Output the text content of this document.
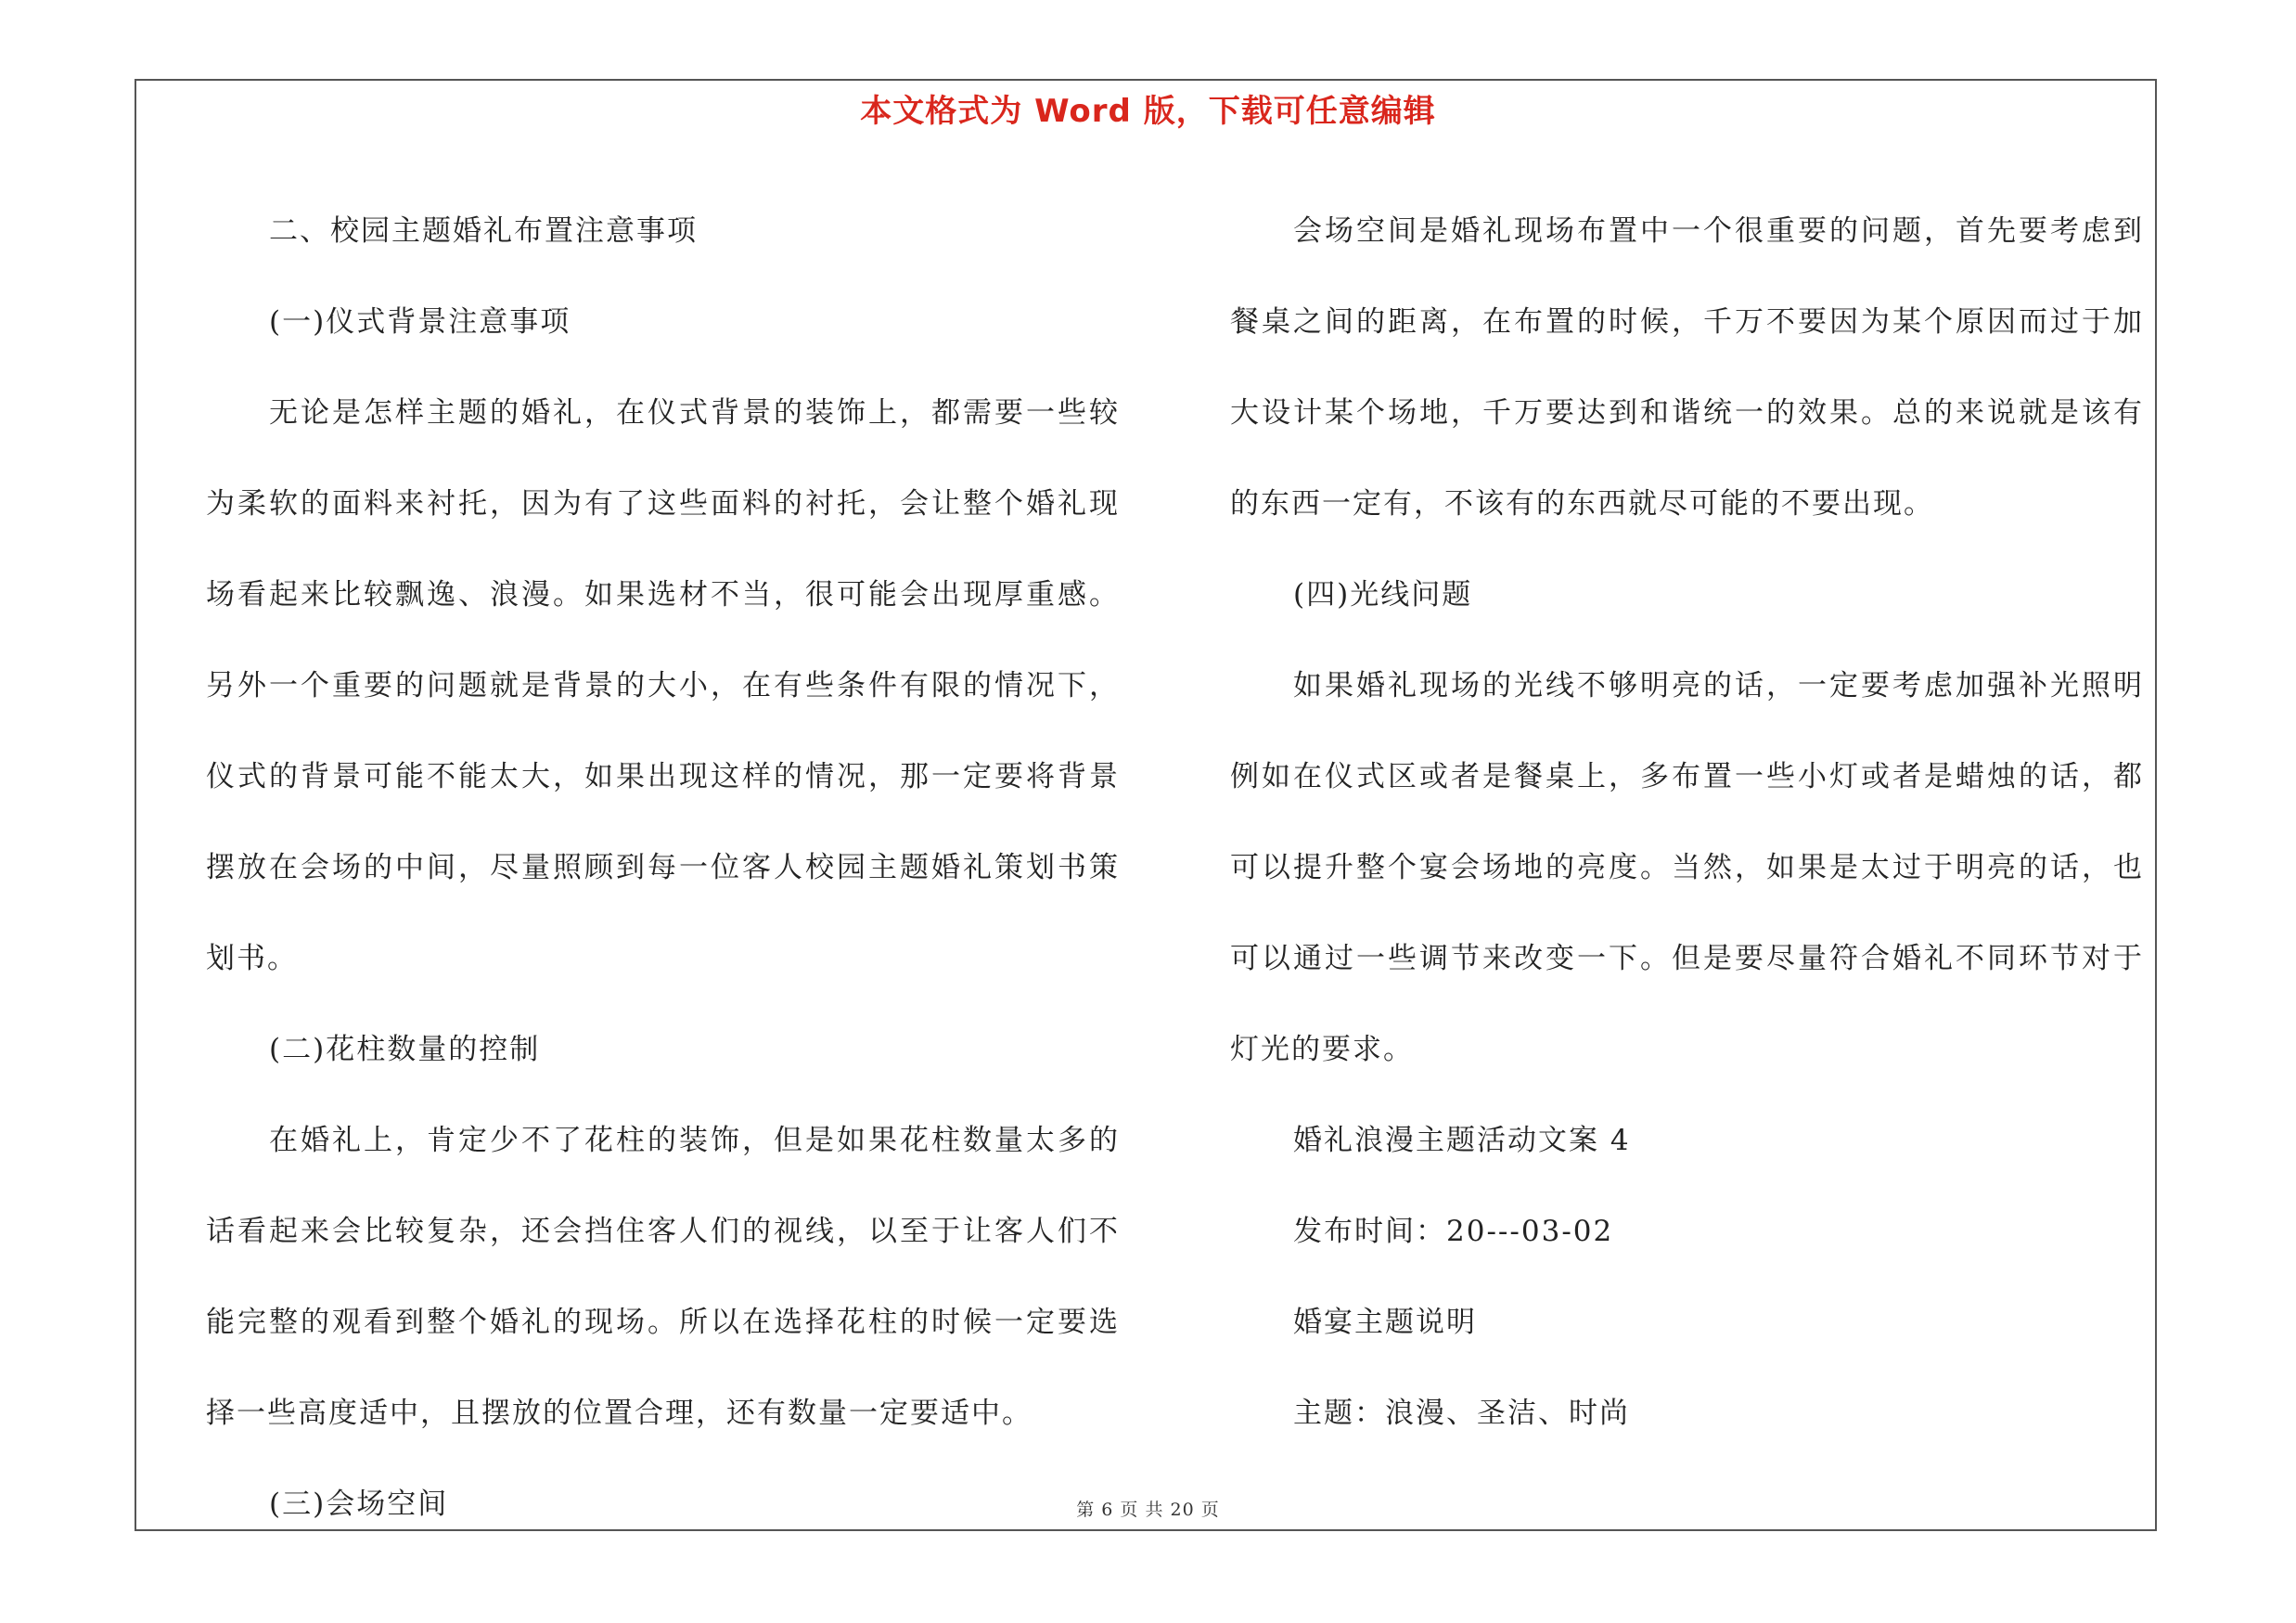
本文格式为 Word 版，下载可任意编辑

二、校园主题婚礼布置注意事项

(一)仪式背景注意事项

无论是怎样主题的婚礼，在仪式背景的装饰上，都需要一些较为柔软的面料来衬托，因为有了这些面料的衬托，会让整个婚礼现场看起来比较飘逸、浪漫。如果选材不当，很可能会出现厚重感。另外一个重要的问题就是背景的大小，在有些条件有限的情况下，仪式的背景可能不能太大，如果出现这样的情况，那一定要将背景摆放在会场的中间，尽量照顾到每一位客人校园主题婚礼策划书策划书。

(二)花柱数量的控制

在婚礼上，肯定少不了花柱的装饰，但是如果花柱数量太多的话看起来会比较复杂，还会挡住客人们的视线，以至于让客人们不能完整的观看到整个婚礼的现场。所以在选择花柱的时候一定要选择一些高度适中，且摆放的位置合理，还有数量一定要适中。

(三)会场空间

会场空间是婚礼现场布置中一个很重要的问题，首先要考虑到餐桌之间的距离，在布置的时候，千万不要因为某个原因而过于加大设计某个场地，千万要达到和谐统一的效果。总的来说就是该有的东西一定有，不该有的东西就尽可能的不要出现。

(四)光线问题

如果婚礼现场的光线不够明亮的话，一定要考虑加强补光照明例如在仪式区或者是餐桌上，多布置一些小灯或者是蜡烛的话，都可以提升整个宴会场地的亮度。当然，如果是太过于明亮的话，也可以通过一些调节来改变一下。但是要尽量符合婚礼不同环节对于灯光的要求。

婚礼浪漫主题活动文案 4

发布时间：20---03-02

婚宴主题说明

主题：浪漫、圣洁、时尚

第 6 页 共 20 页
